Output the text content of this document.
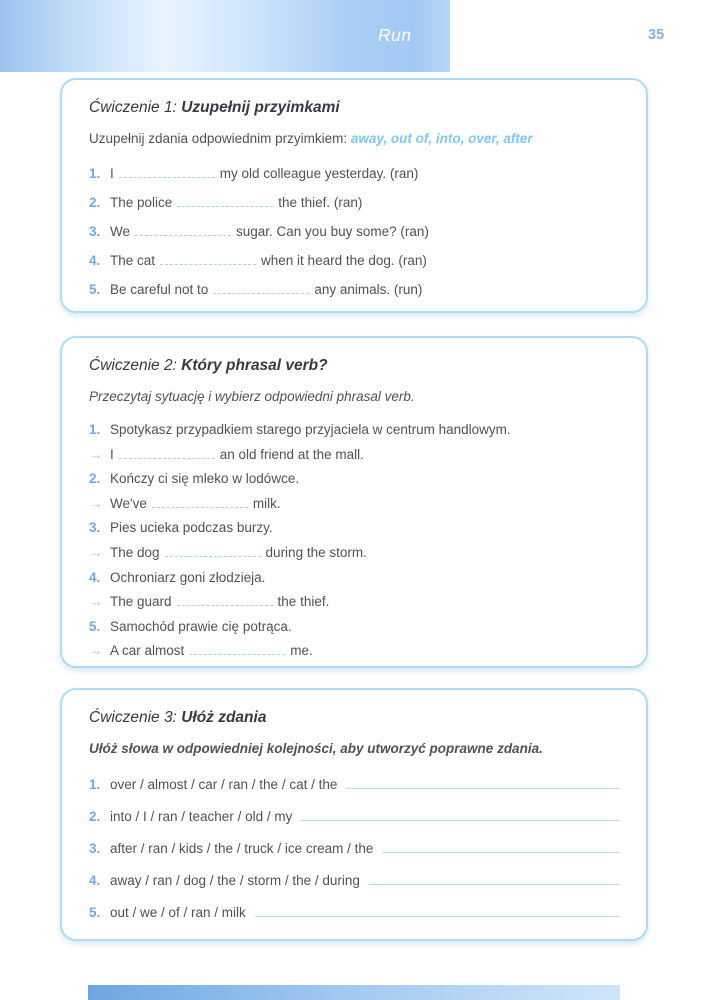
Run	35
Ćwiczenie 1: Uzupełnij przyimkami
Uzupełnij zdania odpowiednim przyimkiem: away, out of, into, over, after
1. I	my old colleague yesterday. (ran)
2. The police	the thief. (ran)
3. We	sugar. Can you buy some? (ran)
4. The cat	when it heard the dog. (ran)
5. Be careful not to	any animals. (run)
Ćwiczenie 2: Który phrasal verb?
Przeczytaj sytuację i wybierz odpowiedni phrasal verb.
1. Spotykasz przypadkiem starego przyjaciela w centrum handlowym.
→ I	an old friend at the mall.
2. Kończy ci się mleko w lodówce.
→ We've	milk.
3. Pies ucieka podczas burzy.
→ The dog	during the storm.
4. Ochroniarz goni złodzieja.
→ The guard	the thief.
5. Samochód prawie cię potrąca.
→ A car almost	me.
Ćwiczenie 3: Ułóż zdania
Ułóż słowa w odpowiedniej kolejności, aby utworzyć poprawne zdania.
1. over / almost / car / ran / the / cat / the
2. into / I / ran / teacher / old / my
3. after / ran / kids / the / truck / ice cream / the
4. away / ran / dog / the / storm / the / during
5. out / we / of / ran / milk
